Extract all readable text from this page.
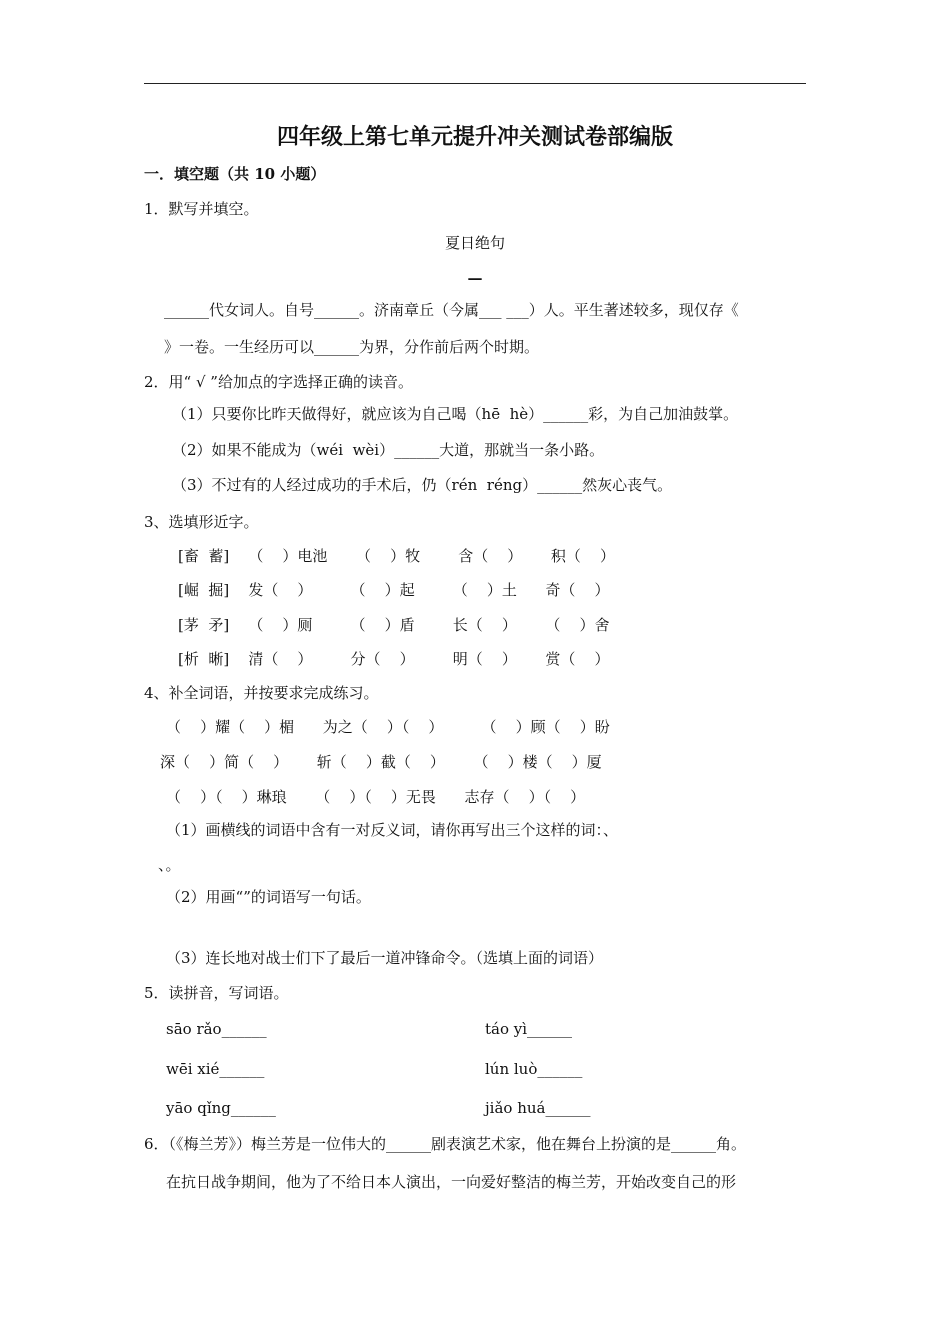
四年级上第七单元提升冲关测试卷部编版
一．填空题（共 10 小题）
1．默写并填空。
夏日绝句
—
______代女词人。自号______。济南章丘（今属___ ___）人。平生著述较多，现仅存《
》一卷。一生经历可以______为界，分作前后两个时期。
2．用“ √ ”给加点的字选择正确的读音。
（1）只要你比昨天做得好，就应该为自己喝（hē  hè）______彩，为自己加油鼓掌。
（2）如果不能成为（wéi  wèi）______大道，那就当一条小路。
（3）不过有的人经过成功的手术后，仍（rén  réng）______然灰心丧气。
3、选填形近字。
[畜  蓄]    （    ）电池      （    ）牧        含（    ）      积（    ）
[崛  掘]    发（    ）        （    ）起        （    ）土      奇（    ）
[茅  矛]    （    ）厕        （    ）盾        长（    ）      （    ）舍
[析  晰]    清（    ）        分（    ）        明（    ）      赏（    ）
4、补全词语，并按要求完成练习。
（    ）耀（    ）楣      为之（    ）（    ）        （    ）顾（    ）盼
深（    ）简（    ）      斩（    ）截（    ）      （    ）楼（    ）厦
（    ）（    ）琳琅      （    ）（    ）无畏      志存（    ）（    ）
（1）画横线的词语中含有一对反义词，请你再写出三个这样的词：、
、。
（2）用画“”的词语写一句话。
（3）连长地对战士们下了最后一道冲锋命令。（选填上面的词语）
5．读拼音，写词语。
sāo rǎo______	táo yì______
wēi xié______	lún luò______
yāo qǐng______	jiǎo huá______
6．（《梅兰芳》）梅兰芳是一位伟大的______剧表演艺术家，他在舞台上扮演的是______角。
在抗日战争期间，他为了不给日本人演出，一向爱好整洁的梅兰芳，开始改变自己的形
